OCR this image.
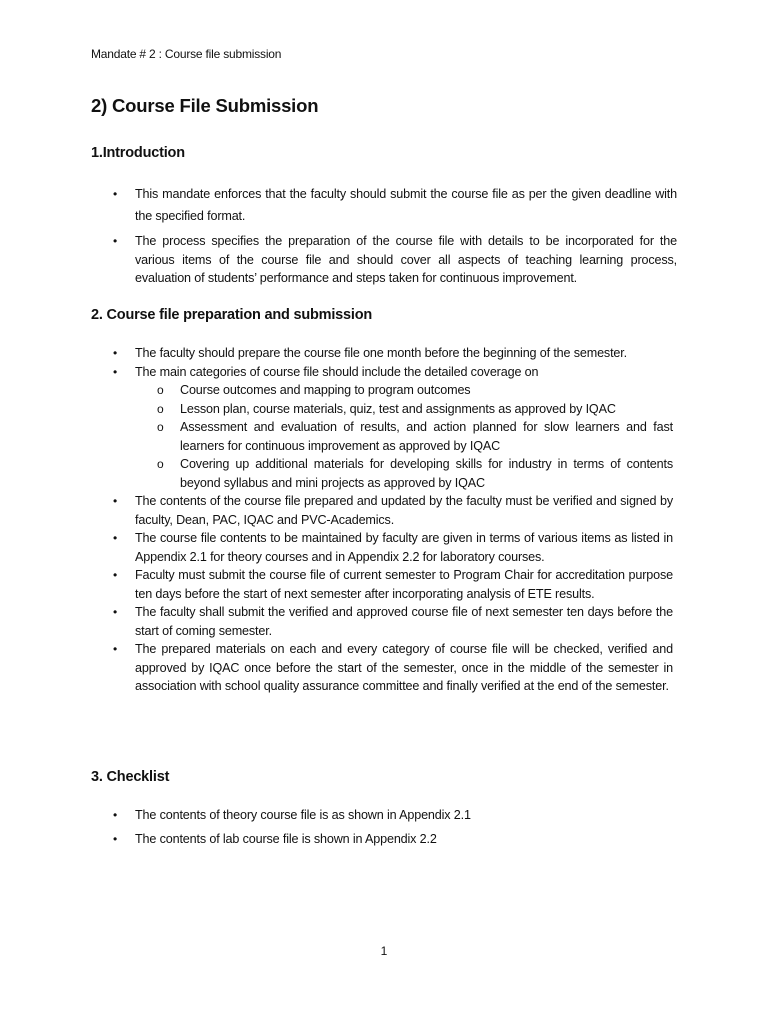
Mandate # 2 : Course file submission
2) Course File Submission
1.Introduction
• This mandate enforces that the faculty should submit the course file as per the given deadline with the specified format.
• The process specifies the preparation of the course file with details to be incorporated for the various items of the course file and should cover all aspects of teaching learning process, evaluation of students’ performance and steps taken for continuous improvement.
2. Course file preparation and submission
• The faculty should prepare the course file one month before the beginning of the semester.
• The main categories of course file should include the detailed coverage on
o Course outcomes and mapping to program outcomes
o Lesson plan, course materials, quiz, test and assignments as approved by IQAC
o Assessment and evaluation of results, and action planned for slow learners and fast learners for continuous improvement as approved by IQAC
o Covering up additional materials for developing skills for industry in terms of contents beyond syllabus and mini projects as approved by IQAC
• The contents of the course file prepared and updated by the faculty must be verified and signed by faculty, Dean, PAC, IQAC and PVC-Academics.
• The course file contents to be maintained by faculty are given in terms of various items as listed in Appendix 2.1 for theory courses and in Appendix 2.2 for laboratory courses.
• Faculty must submit the course file of current semester to Program Chair for accreditation purpose ten days before the start of next semester after incorporating analysis of ETE results.
• The faculty shall submit the verified and approved course file of next semester ten days before the start of coming semester.
• The prepared materials on each and every category of course file will be checked, verified and approved by IQAC once before the start of the semester, once in the middle of the semester in association with school quality assurance committee and finally verified at the end of the semester.
3. Checklist
• The contents of theory course file is as shown in Appendix 2.1
• The contents of lab course file is shown in Appendix 2.2
1
